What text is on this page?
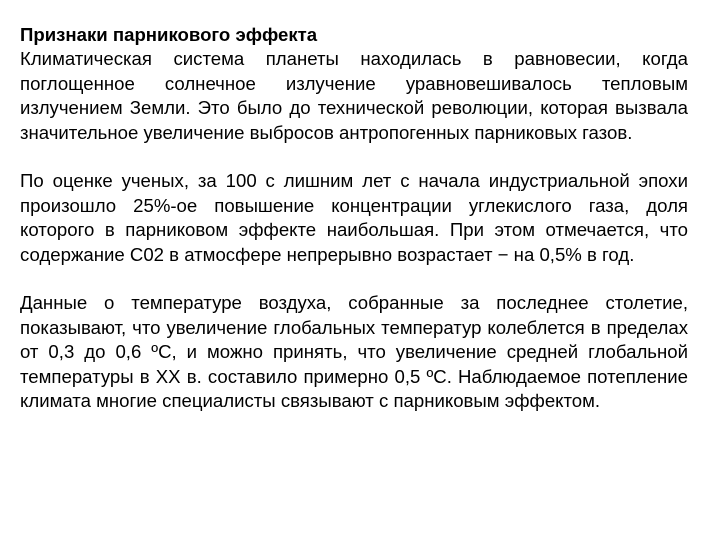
Признаки парникового эффекта

Климатическая система планеты находилась в равновесии, когда поглощенное солнечное излучение уравновешивалось тепловым излучением Земли. Это было до технической революции, которая вызвала значительное увеличение выбросов антропогенных парниковых газов.

По оценке ученых, за 100 с лишним лет с начала индустриальной эпохи произошло 25%-ое повышение концентрации углекислого газа, доля которого в парниковом эффекте наибольшая. При этом отмечается, что содержание С02 в атмосфере непрерывно возрастает − на 0,5% в год.

Данные о температуре воздуха, собранные за последнее столетие, показывают, что увеличение глобальных температур колеблется в пределах от 0,3 до 0,6 ºС, и можно принять, что увеличение средней глобальной температуры в ХХ в. составило примерно 0,5 ºС. Наблюдаемое потепление климата многие специалисты связывают с парниковым эффектом.
